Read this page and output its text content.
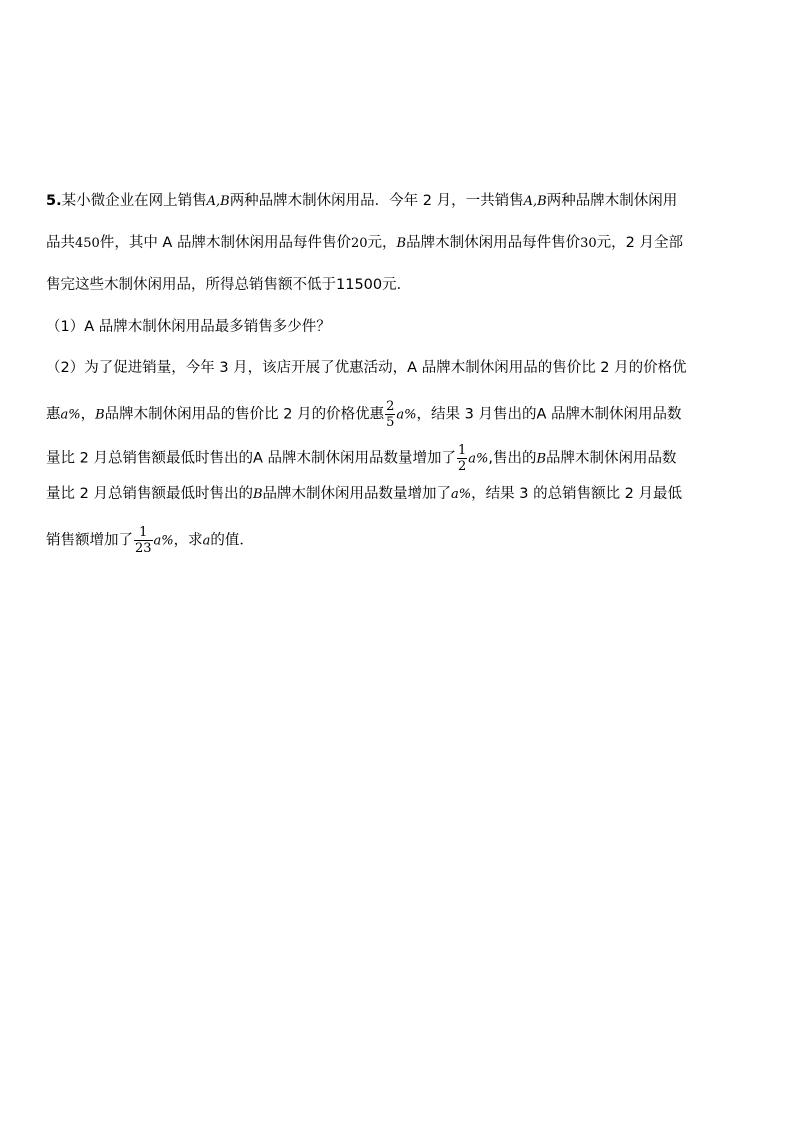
5.某小微企业在网上销售A,B两种品牌木制休闲用品．今年 2 月，一共销售A,B两种品牌木制休闲用
品共450件，其中 A 品牌木制休闲用品每件售价20元，B品牌木制休闲用品每件售价30元，2 月全部
售完这些木制休闲用品，所得总销售额不低于11500元．
（1）A 品牌木制休闲用品最多销售多少件？
（2）为了促进销量，今年 3 月，该店开展了优惠活动，A 品牌木制休闲用品的售价比 2 月的价格优
惠a%，B品牌木制休闲用品的售价比 2 月的价格优惠 $\frac{2}{5} a\%$，结果 3 月售出的A 品牌木制休闲用品数
量比 2 月总销售额最低时售出的A 品牌木制休闲用品数量增加了 $\frac{1}{2} a\%$,售出的B品牌木制休闲用品数
量比 2 月总销售额最低时售出的B品牌木制休闲用品数量增加了a%，结果 3 的总销售额比 2 月最低
销售额增加了 $\frac{1}{23} a\%$，求a的值．
